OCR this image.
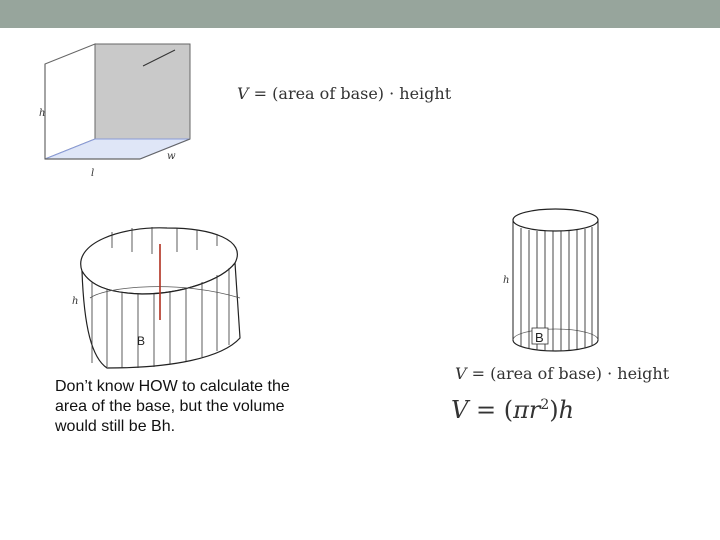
h
l
w
V = (area of base) · height
h
B
h
B
V = (area of base) · height
$V = (\pi r^2)h$
Don’t know HOW to calculate the area of the base, but the volume would still be Bh.
